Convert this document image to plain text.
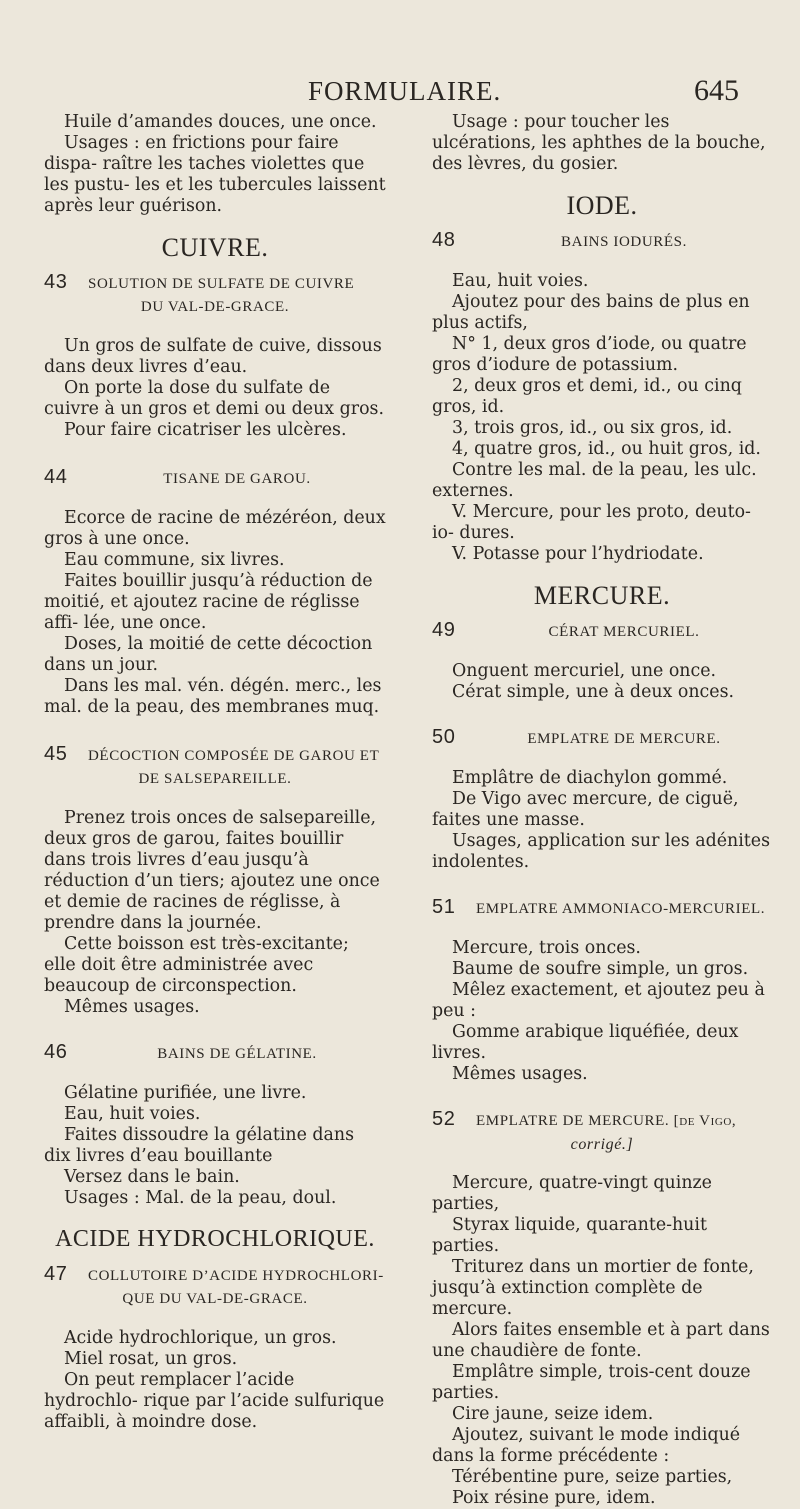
FORMULAIRE.	645

Huile d’amandes douces, une once.

Usages : en frictions pour faire dispa- raître les taches violettes que les pustu- les et les tubercules laissent après leur guérison.

CUIVRE.
43	SOLUTION DE SULFATE DE CUIVRE
DU VAL-DE-GRACE.

Un gros de sulfate de cuive, dissous dans deux livres d’eau.

On porte la dose du sulfate de cuivre à un gros et demi ou deux gros.

Pour faire cicatriser les ulcères.

44	TISANE DE GAROU.

Ecorce de racine de mézéréon, deux gros à une once.

Eau commune, six livres.

Faites bouillir jusqu’à réduction de moitié, et ajoutez racine de réglisse affi- lée, une once.

Doses, la moitié de cette décoction dans un jour.

Dans les mal. vén. dégén. merc., les mal. de la peau, des membranes muq.

45	DÉCOCTION COMPOSÉE DE GAROU ET
DE SALSEPAREILLE.

Prenez trois onces de salsepareille, deux gros de garou, faites bouillir dans trois livres d’eau jusqu’à réduction d’un tiers; ajoutez une once et demie de racines de réglisse, à prendre dans la journée.

Cette boisson est très-excitante; elle doit être administrée avec beaucoup de circonspection.

Mêmes usages.

46	BAINS DE GÉLATINE.

Gélatine purifiée, une livre.

Eau, huit voies.

Faites dissoudre la gélatine dans dix livres d’eau bouillante

Versez dans le bain.

Usages : Mal. de la peau, doul.

ACIDE HYDROCHLORIQUE.
47	COLLUTOIRE D’ACIDE HYDROCHLORI-
QUE DU VAL-DE-GRACE.

Acide hydrochlorique, un gros.

Miel rosat, un gros.

On peut remplacer l’acide hydrochlo- rique par l’acide sulfurique affaibli, à moindre dose.

Usage : pour toucher les ulcérations, les aphthes de la bouche, des lèvres, du gosier.

IODE.
48	BAINS IODURÉS.

Eau, huit voies.

Ajoutez pour des bains de plus en plus actifs,

N° 1, deux gros d’iode, ou quatre gros d’iodure de potassium.

2, deux gros et demi, id., ou cinq gros, id.

3, trois gros, id., ou six gros, id.

4, quatre gros, id., ou huit gros, id.

Contre les mal. de la peau, les ulc. externes.

V. Mercure, pour les proto, deuto-io- dures.

V. Potasse pour l’hydriodate.

MERCURE.
49	CÉRAT MERCURIEL.

Onguent mercuriel, une once.

Cérat simple, une à deux onces.

50	EMPLATRE DE MERCURE.

Emplâtre de diachylon gommé.

De Vigo avec mercure, de ciguë, faites une masse.

Usages, application sur les adénites indolentes.

51	EMPLATRE AMMONIACO-MERCURIEL.

Mercure, trois onces.

Baume de soufre simple, un gros.

Mêlez exactement, et ajoutez peu à peu :

Gomme arabique liquéfiée, deux livres.

Mêmes usages.

52	EMPLATRE DE MERCURE. [de Vigo,
corrigé.]

Mercure, quatre-vingt quinze parties,

Styrax liquide, quarante-huit parties.

Triturez dans un mortier de fonte, jusqu’à extinction complète de mercure.

Alors faites ensemble et à part dans une chaudière de fonte.

Emplâtre simple, trois-cent douze parties.

Cire jaune, seize idem.

Ajoutez, suivant le mode indiqué dans la forme précédente :

Térébentine pure, seize parties,

Poix résine pure, idem.
